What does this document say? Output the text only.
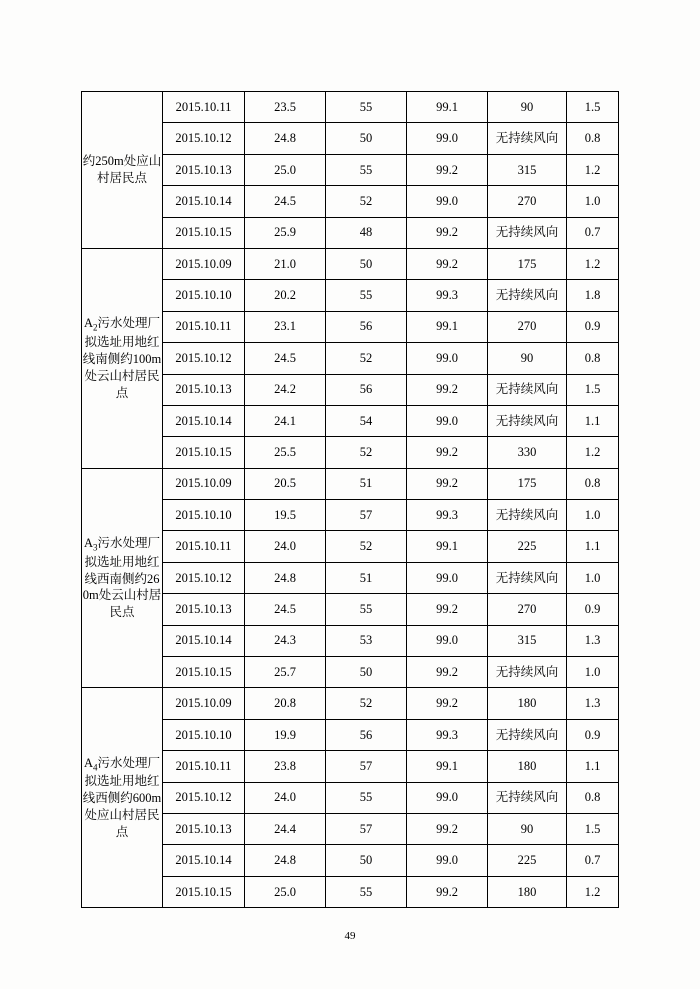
约250m处应山村居民点	2015.10.11	23.5	55	99.1	90	1.5
	2015.10.12	24.8	50	99.0	无持续风向	0.8
	2015.10.13	25.0	55	99.2	315	1.2
	2015.10.14	24.5	52	99.0	270	1.0
	2015.10.15	25.9	48	99.2	无持续风向	0.7
$A_2$污水处理厂拟选址用地红线南侧约100m处云山村居民点	2015.10.09	21.0	50	99.2	175	1.2
	2015.10.10	20.2	55	99.3	无持续风向	1.8
	2015.10.11	23.1	56	99.1	270	0.9
	2015.10.12	24.5	52	99.0	90	0.8
	2015.10.13	24.2	56	99.2	无持续风向	1.5
	2015.10.14	24.1	54	99.0	无持续风向	1.1
	2015.10.15	25.5	52	99.2	330	1.2
$A_3$污水处理厂拟选址用地红线西南侧约260m处云山村居民点	2015.10.09	20.5	51	99.2	175	0.8
	2015.10.10	19.5	57	99.3	无持续风向	1.0
	2015.10.11	24.0	52	99.1	225	1.1
	2015.10.12	24.8	51	99.0	无持续风向	1.0
	2015.10.13	24.5	55	99.2	270	0.9
	2015.10.14	24.3	53	99.0	315	1.3
	2015.10.15	25.7	50	99.2	无持续风向	1.0
$A_4$污水处理厂拟选址用地红线西侧约600m处应山村居民点	2015.10.09	20.8	52	99.2	180	1.3
	2015.10.10	19.9	56	99.3	无持续风向	0.9
	2015.10.11	23.8	57	99.1	180	1.1
	2015.10.12	24.0	55	99.0	无持续风向	0.8
	2015.10.13	24.4	57	99.2	90	1.5
	2015.10.14	24.8	50	99.0	225	0.7
	2015.10.15	25.0	55	99.2	180	1.2
49
